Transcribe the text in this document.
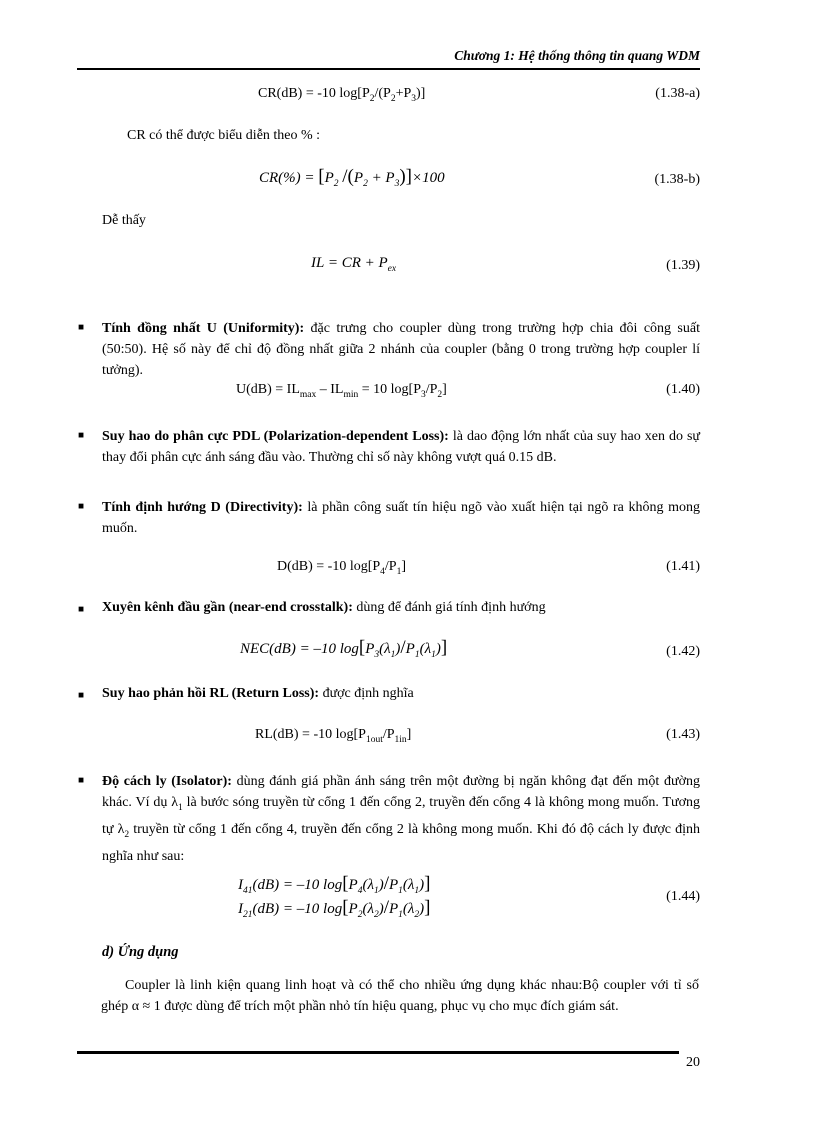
Chương 1: Hệ thống thông tin quang WDM
CR(dB) = -10 $\log[P_2/(P_2+P_3)]$	(1.38-a)
CR có thể được biểu diễn theo % :
$CR(\%) = [P_2$ $/(P_2 + P_3)]\times 100$	(1.38-b)
Dễ thấy
IL = CR + $P_{ex}$	(1.39)
■ Tính đồng nhất U (Uniformity): đặc trưng cho coupler dùng trong trường hợp chia đôi công suất (50:50). Hệ số này để chỉ độ đồng nhất giữa 2 nhánh của coupler (bằng 0 trong trường hợp coupler lí tưởng).
$U(dB) = IL_{max} - IL_{min} = 10$ $\log[P_3/P_2]$	(1.40)
■ Suy hao do phân cực PDL (Polarization-dependent Loss): là dao động lớn nhất của suy hao xen do sự thay đổi phân cực ánh sáng đầu vào. Thường chỉ số này không vượt quá 0.15 dB.
■ Tính định hướng D (Directivity): là phần công suất tín hiệu ngõ vào xuất hiện tại ngõ ra không mong muốn.
D(dB) = -10 $\log[P_4/P_1]$	(1.41)
■ Xuyên kênh đầu gần (near-end crosstalk): dùng để đánh giá tính định hướng
NEC(dB) = –10 $\log[P_3(\lambda_1)/P_1(\lambda_1)]$	(1.42)
■ Suy hao phản hồi RL (Return Loss): được định nghĩa
RL(dB) = -10 $\log[P_{1out}/P_{1in}]$	(1.43)
■ Độ cách ly (Isolator): dùng đánh giá phần ánh sáng trên một đường bị ngăn không đạt đến một đường khác. Ví dụ $\lambda_1$ là bước sóng truyền từ cổng 1 đến cổng 2, truyền đến cổng 4 là không mong muốn. Tương tự $\lambda_2$ truyền từ cổng 1 đến cổng 4, truyền đến cổng 2 là không mong muốn. Khi đó độ cách ly được định nghĩa như sau:
$I_{41}(dB) = -10$ $\log[P_4(\lambda_1)/P_1(\lambda_1)]$
$I_{21}(dB) = -10$ $\log[P_2(\lambda_2)/P_1(\lambda_2)]$
(1.44)
d) Ứng dụng
Coupler là linh kiện quang linh hoạt và có thể cho nhiều ứng dụng khác nhau:Bộ coupler với tỉ số ghép α ≈ 1 được dùng để trích một phần nhỏ tín hiệu quang, phục vụ cho mục đích giám sát.
20
